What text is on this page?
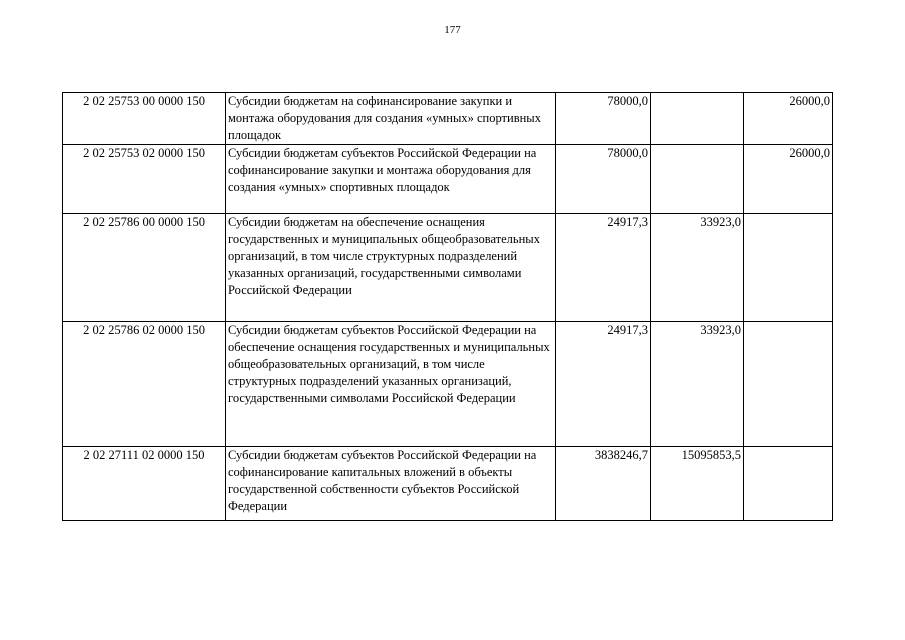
177
2 02 25753 00 0000 150	Субсидии бюджетам на софинансирование закупки и монтажа оборудования для создания «умных» спортивных площадок	78000,0		26000,0
2 02 25753 02 0000 150	Субсидии бюджетам субъектов Российской Федерации на софинансирование закупки и монтажа оборудования для создания «умных» спортивных площадок	78000,0		26000,0
2 02 25786 00 0000 150	Субсидии бюджетам на обеспечение оснащения государственных и муниципальных общеобразовательных организаций, в том числе структурных подразделений указанных организаций, государственными символами Российской Федерации	24917,3	33923,0	
2 02 25786 02 0000 150	Субсидии бюджетам субъектов Российской Федерации на обеспечение оснащения государственных и муниципальных общеобразовательных организаций, в том числе структурных подразделений указанных организаций, государственными символами Российской Федерации	24917,3	33923,0	
2 02 27111 02 0000 150	Субсидии бюджетам субъектов Российской Федерации на софинансирование капитальных вложений в объекты государственной собственности субъектов Российской Федерации	3838246,7	15095853,5	
